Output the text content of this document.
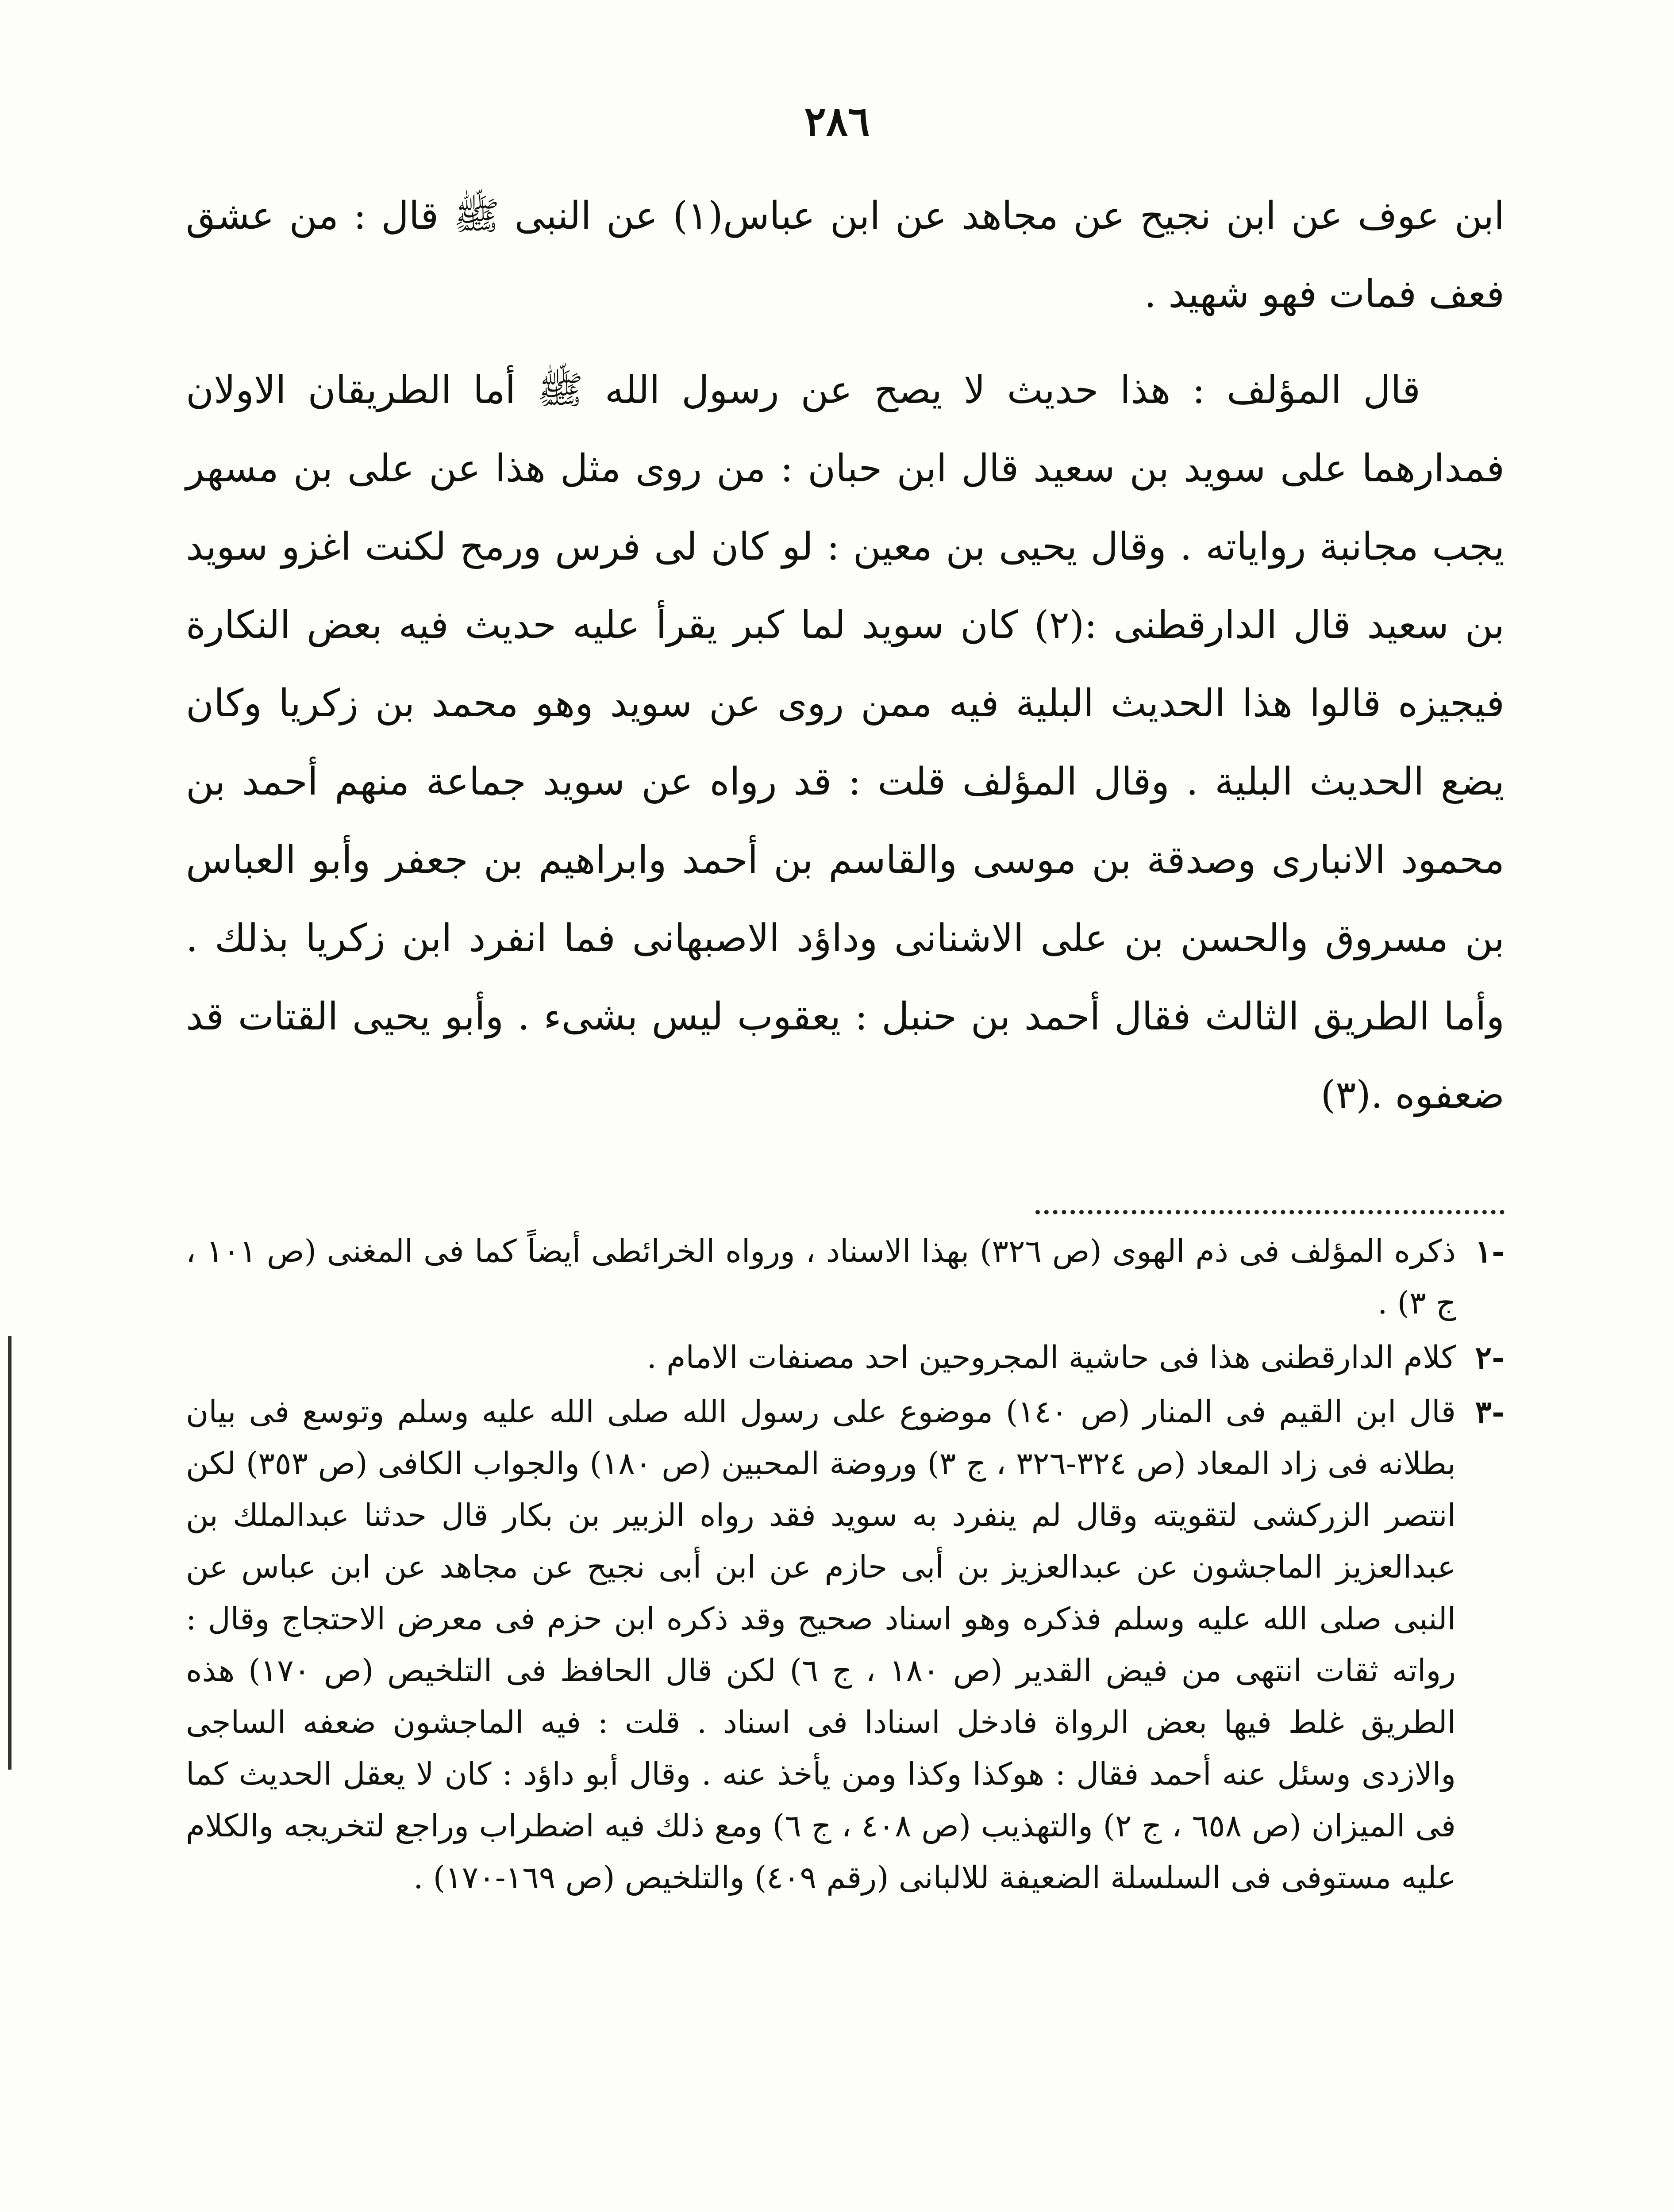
٢٨٦

ابن عوف عن ابن نجيح عن مجاهد عن ابن عباس(١) عن النبى ﷺ قال : من عشق فعف فمات فهو شهيد .

قال المؤلف : هذا حديث لا يصح عن رسول الله ﷺ أما الطريقان الاولان فمدارهما على سويد بن سعيد قال ابن حبان : من روى مثل هذا عن على بن مسهر يجب مجانبة رواياته . وقال يحيى بن معين : لو كان لى فرس ورمح لكنت اغزو سويد بن سعيد قال الدارقطنى :(٢) كان سويد لما كبر يقرأ عليه حديث فيه بعض النكارة فيجيزه قالوا هذا الحديث البلية فيه ممن روى عن سويد وهو محمد بن زكريا وكان يضع الحديث البلية . وقال المؤلف قلت : قد رواه عن سويد جماعة منهم أحمد بن محمود الانبارى وصدقة بن موسى والقاسم بن أحمد وابراهيم بن جعفر وأبو العباس بن مسروق والحسن بن على الاشنانى وداؤد الاصبهانى فما انفرد ابن زكريا بذلك . وأما الطريق الثالث فقال أحمد بن حنبل : يعقوب ليس بشىء . وأبو يحيى القتات قد ضعفوه .(٣)

-١
ذكره المؤلف فى ذم الهوى (ص ٣٢٦) بهذا الاسناد ، ورواه الخرائطى أيضاً كما فى المغنى (ص ١٠١ ، ج ٣) .
-٢
كلام الدارقطنى هذا فى حاشية المجروحين احد مصنفات الامام .
-٣
قال ابن القيم فى المنار (ص ١٤٠) موضوع على رسول الله صلى الله عليه وسلم وتوسع فى بيان بطلانه فى زاد المعاد (ص ٣٢٤-٣٢٦ ، ج ٣) وروضة المحبين (ص ١٨٠) والجواب الكافى (ص ٣٥٣) لكن انتصر الزركشى لتقويته وقال لم ينفرد به سويد فقد رواه الزبير بن بكار قال حدثنا عبدالملك بن عبدالعزيز الماجشون عن عبدالعزيز بن أبى حازم عن ابن أبى نجيح عن مجاهد عن ابن عباس عن النبى صلى الله عليه وسلم فذكره وهو اسناد صحيح وقد ذكره ابن حزم فى معرض الاحتجاج وقال : رواته ثقات انتهى من فيض القدير (ص ١٨٠ ، ج ٦) لكن قال الحافظ فى التلخيص (ص ١٧٠) هذه الطريق غلط فيها بعض الرواة فادخل اسنادا فى اسناد . قلت : فيه الماجشون ضعفه الساجى والازدى وسئل عنه أحمد فقال : هوكذا وكذا ومن يأخذ عنه . وقال أبو داؤد : كان لا يعقل الحديث كما فى الميزان (ص ٦٥٨ ، ج ٢) والتهذيب (ص ٤٠٨ ، ج ٦) ومع ذلك فيه اضطراب وراجع لتخريجه والكلام عليه مستوفى فى السلسلة الضعيفة للالبانى (رقم ٤٠٩) والتلخيص (ص ١٦٩-١٧٠) .
